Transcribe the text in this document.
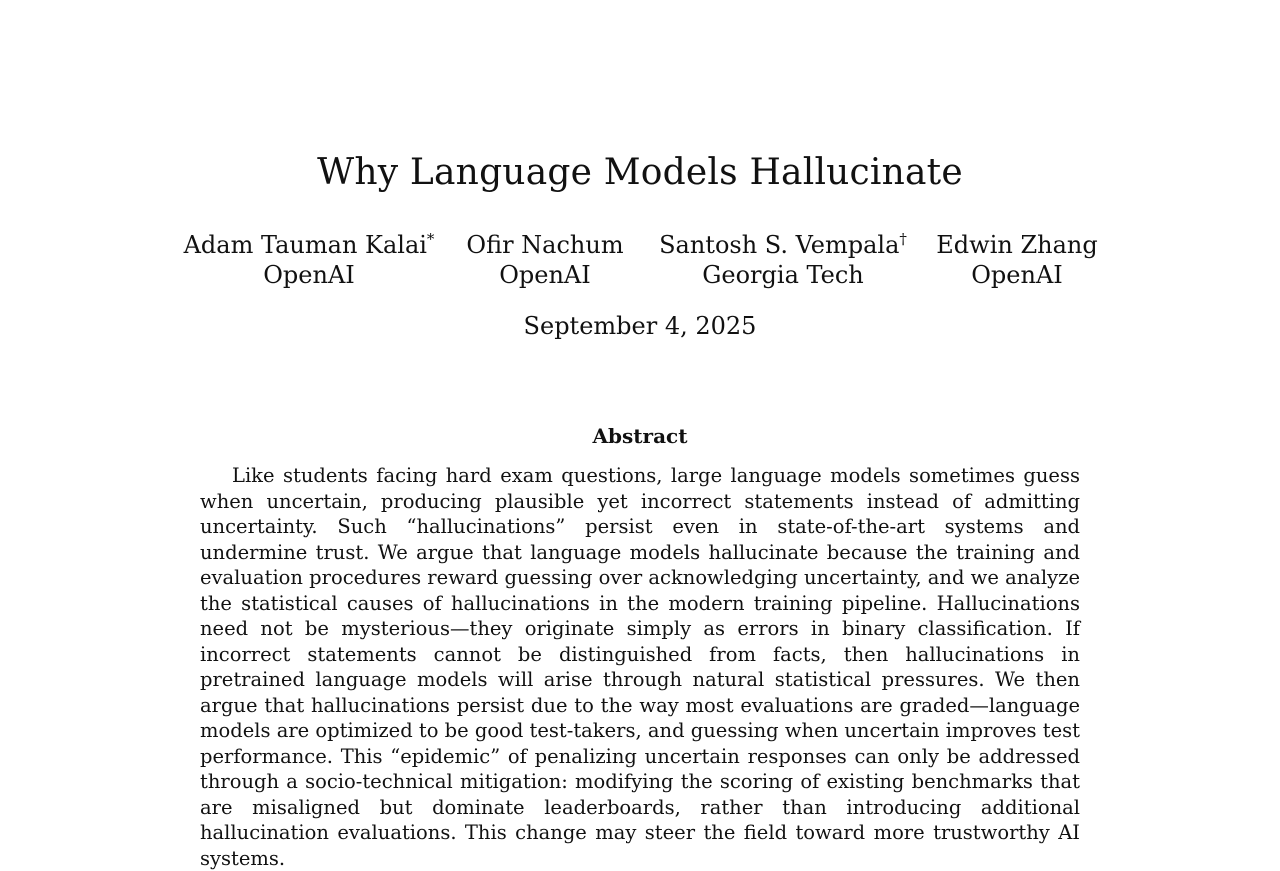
Why Language Models Hallucinate
Adam Tauman Kalai*
OpenAI
Ofir Nachum
OpenAI
Santosh S. Vempala†
Georgia Tech
Edwin Zhang
OpenAI
September 4, 2025
Abstract

Like students facing hard exam questions, large language models sometimes guess when uncertain, producing plausible yet incorrect statements instead of admitting uncertainty. Such “hallucinations” persist even in state-of-the-art systems and undermine trust. We argue that language models hallucinate because the training and evaluation procedures reward guessing over acknowledging uncertainty, and we analyze the statistical causes of hallucinations in the modern training pipeline. Hallucinations need not be mysterious—they originate simply as errors in binary classification. If incorrect statements cannot be distinguished from facts, then hallucinations in pretrained language models will arise through natural statistical pressures. We then argue that hallucinations persist due to the way most evaluations are graded—language models are optimized to be good test-takers, and guessing when uncertain improves test performance. This “epidemic” of penalizing uncertain responses can only be addressed through a socio-technical mitigation: modifying the scoring of existing benchmarks that are misaligned but dominate leaderboards, rather than introducing additional hallucination evaluations. This change may steer the field toward more trustworthy AI systems.
